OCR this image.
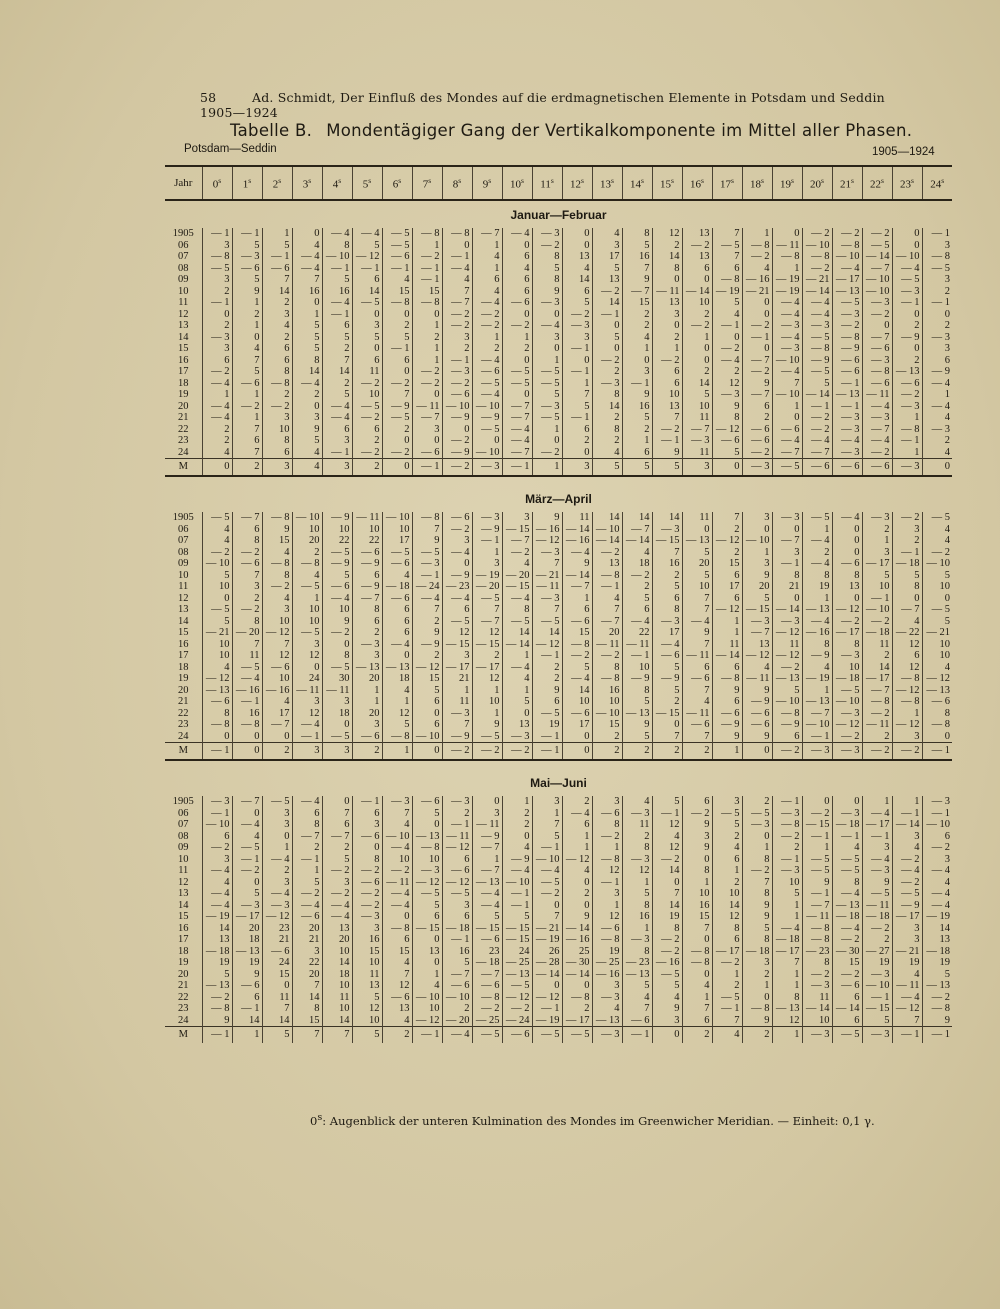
58	Ad. Schmidt, Der Einfluß des Mondes auf die erdmagnetischen Elemente in Potsdam und Seddin 1905—1924
Tabelle B. Mondentägiger Gang der Vertikalkomponente im Mittel aller Phasen.
Potsdam—Seddin	1905—1924
Jahr	0$^s$	1$^s$	2$^s$	3$^s$	4$^s$	5$^s$	6$^s$	7$^s$	8$^s$	9$^s$	10$^s$	11$^s$	12$^s$	13$^s$	14$^s$	15$^s$	16$^s$	17$^s$	18$^s$	19$^s$	20$^s$	21$^s$	22$^s$	23$^s$	24$^s$
Januar—Februar																									
1905	— 1	— 1	1	0	— 4	— 4	— 5	— 8	— 8	— 7	— 4	— 3	0	4	8	12	13	7	1	0	— 2	— 2	— 2	0	— 1
06	3	5	5	4	8	5	— 5	1	0	1	0	— 2	0	3	5	2	— 2	— 5	— 8	— 11	— 10	— 8	— 5	0	3
07	— 8	— 3	— 1	— 4	— 10	— 12	— 6	— 2	— 1	4	6	8	13	17	16	14	13	7	— 2	— 8	— 8	— 10	— 14	— 10	— 8
08	— 5	— 6	— 6	— 4	— 1	— 1	— 1	— 1	— 4	1	4	5	4	5	7	8	6	6	4	1	— 2	— 4	— 7	— 4	— 5
09	3	5	7	7	5	6	4	— 1	4	6	6	8	14	13	9	0	0	— 8	— 16	— 19	— 21	— 17	— 10	— 5	3
10	2	9	14	16	16	14	15	15	7	4	6	9	6	— 2	— 7	— 11	— 14	— 19	— 21	— 19	— 14	— 13	— 10	— 3	2
11	— 1	1	2	0	— 4	— 5	— 8	— 8	— 7	— 4	— 6	— 3	5	14	15	13	10	5	0	— 4	— 4	— 5	— 3	— 1	— 1
12	0	2	3	1	— 1	0	0	0	— 2	— 2	0	0	— 2	— 1	2	3	2	4	0	— 4	— 4	— 3	— 2	0	0
13	2	1	4	5	6	3	2	1	— 2	— 2	— 2	— 4	— 3	0	2	0	— 2	— 1	— 2	— 3	— 3	— 2	0	2	2
14	— 3	0	2	5	5	5	5	2	3	1	1	3	3	5	4	2	1	0	— 1	— 4	— 5	— 8	— 7	— 9	— 3
15	3	4	6	5	2	0	— 1	1	2	2	2	0	— 1	0	1	1	0	— 2	0	— 3	— 8	— 9	— 6	0	3
16	6	7	6	8	7	6	6	1	— 1	— 4	0	1	0	— 2	0	— 2	0	— 4	— 7	— 10	— 9	— 6	— 3	2	6
17	— 2	5	8	14	14	11	0	— 2	— 3	— 6	— 5	— 5	— 1	2	3	6	2	2	— 2	— 4	— 5	— 6	— 8	— 13	— 9
18	— 4	— 6	— 8	— 4	2	— 2	— 2	— 2	— 2	— 5	— 5	— 5	1	— 3	— 1	6	14	12	9	7	5	— 1	— 6	— 6	— 4
19	1	1	2	2	5	10	7	0	— 6	— 4	0	5	7	8	9	10	5	— 3	— 7	— 10	— 14	— 13	— 11	— 2	1
20	— 4	— 2	— 2	0	— 4	— 5	— 9	— 11	— 10	— 10	— 7	— 3	5	14	16	13	10	9	6	1	— 1	— 1	— 4	— 3	— 4
21	— 4	1	3	3	— 4	— 2	— 5	— 7	— 9	— 9	— 7	— 5	— 1	2	5	7	11	8	2	0	— 2	— 3	— 3	1	4
22	2	7	10	9	6	6	2	3	0	— 5	— 4	1	6	8	2	— 2	— 7	— 12	— 6	— 6	— 2	— 3	— 7	— 8	— 3
23	2	6	8	5	3	2	0	0	— 2	0	— 4	0	2	2	1	— 1	— 3	— 6	— 6	— 4	— 4	— 4	— 4	— 1	2
24	4	7	6	4	— 1	— 2	— 2	— 6	— 9	— 10	— 7	— 2	0	4	6	9	11	5	— 2	— 7	— 7	— 3	— 2	1	4
M	0	2	3	4	3	2	0	— 1	— 2	— 3	— 1	1	3	5	5	5	3	0	— 3	— 5	— 6	— 6	— 6	— 3	0

März—April																									
1905	— 5	— 7	— 8	— 10	— 9	— 11	— 10	— 8	— 6	— 3	3	9	11	14	14	14	11	7	3	— 3	— 5	— 4	— 3	— 2	— 5
06	4	6	9	10	10	10	10	7	— 2	— 9	— 15	— 16	— 14	— 10	— 7	— 3	0	2	0	0	1	0	2	3	4
07	4	8	15	20	22	22	17	9	3	— 1	— 7	— 12	— 16	— 14	— 14	— 15	— 13	— 12	— 10	— 7	— 4	0	1	2	4
08	— 2	— 2	4	2	— 5	— 6	— 5	— 5	— 4	1	— 2	— 3	— 4	— 2	4	7	5	2	1	3	2	0	3	— 1	— 2
09	— 10	— 6	— 8	— 8	— 9	— 9	— 6	— 3	0	3	4	7	9	13	18	16	20	15	3	— 1	— 4	— 6	— 17	— 18	— 10
10	5	7	8	4	5	6	4	— 1	— 9	— 19	— 20	— 21	— 14	— 8	— 2	2	5	6	9	8	8	8	5	5	5
11	10	3	— 2	— 5	— 6	— 9	— 18	— 24	— 23	— 20	— 15	— 11	— 7	— 1	2	5	10	17	20	21	19	13	10	8	10
12	0	2	4	1	— 4	— 7	— 6	— 4	— 4	— 5	— 4	— 3	1	4	5	6	7	6	5	0	1	0	— 1	0	0
13	— 5	— 2	3	10	10	8	6	7	6	7	8	7	6	7	6	8	7	— 12	— 15	— 14	— 13	— 12	— 10	— 7	— 5
14	5	8	10	10	9	6	6	2	— 5	— 7	— 5	— 5	— 6	— 7	— 4	— 3	— 4	1	— 3	— 3	— 4	— 2	— 2	4	5
15	— 21	— 20	— 12	— 5	— 2	2	6	9	12	12	14	14	15	20	22	17	9	1	— 7	— 12	— 16	— 17	— 18	— 22	— 21
16	10	7	7	3	0	— 3	— 4	— 9	— 15	— 15	— 14	— 12	— 8	— 11	— 11	— 4	7	11	13	11	8	8	11	12	10
17	10	11	12	12	8	3	0	2	3	2	1	— 1	— 2	— 2	— 1	— 6	— 11	— 14	— 12	— 12	— 9	— 3	2	6	10
18	4	— 5	— 6	0	— 5	— 13	— 13	— 12	— 17	— 17	— 4	2	5	8	10	5	6	6	4	— 2	4	10	14	12	4
19	— 12	— 4	10	24	30	20	18	15	21	12	4	2	— 4	— 8	— 9	— 9	— 6	— 8	— 11	— 13	— 19	— 18	— 17	— 8	— 12
20	— 13	— 16	— 16	— 11	— 11	1	4	5	1	1	1	9	14	16	8	5	7	9	9	5	1	— 5	— 7	— 12	— 13
21	— 6	— 1	4	3	3	1	1	6	11	10	5	6	10	10	5	2	4	6	— 9	— 10	— 13	— 10	— 8	— 8	— 6
22	8	16	17	12	18	20	12	0	— 3	1	0	— 5	— 6	— 10	— 13	— 15	— 11	— 6	— 6	— 8	— 7	— 3	— 2	1	8
23	— 8	— 8	— 7	— 4	0	3	5	6	7	9	13	19	17	15	9	0	— 6	— 9	— 6	— 9	— 10	— 12	— 11	— 12	— 8
24	0	0	0	— 1	— 5	— 6	— 8	— 10	— 9	— 5	— 3	— 1	0	2	5	7	7	9	9	6	— 1	— 2	2	3	0
M	— 1	0	2	3	3	2	1	0	— 2	— 2	— 2	— 1	0	2	2	2	2	1	0	— 2	— 3	— 3	— 2	— 2	— 1

Mai—Juni																									
1905	— 3	— 7	— 5	— 4	0	— 1	— 3	— 6	— 3	0	1	3	2	3	4	5	6	3	2	— 1	0	0	1	1	— 3
06	— 1	0	3	6	7	6	7	5	2	3	2	1	— 4	— 6	— 3	— 1	— 2	— 5	— 5	— 3	— 2	— 3	— 4	— 1	— 1
07	— 10	— 4	3	8	6	3	4	0	— 1	— 11	2	7	6	8	11	12	9	5	— 3	— 8	— 15	— 18	— 17	— 14	— 10
08	6	4	0	— 7	— 7	— 6	— 10	— 13	— 11	— 9	0	5	1	— 2	2	4	3	2	0	— 2	— 1	— 1	— 1	3	6
09	— 2	— 5	1	2	2	0	— 4	— 8	— 12	— 7	4	— 1	1	1	8	12	9	4	1	2	1	4	3	4	— 2
10	3	— 1	— 4	— 1	5	8	10	10	6	1	— 9	— 10	— 12	— 8	— 3	— 2	0	6	8	— 1	— 5	— 5	— 4	— 2	3
11	— 4	— 2	2	1	— 2	— 2	— 2	— 3	— 6	— 7	— 4	— 4	4	12	12	14	8	1	— 2	— 3	— 5	— 5	— 3	— 4	— 4
12	4	0	3	5	3	— 6	— 11	— 12	— 12	— 13	— 10	— 5	0	— 1	1	0	1	2	7	10	9	8	9	— 2	4
13	— 4	5	— 4	— 2	— 2	— 2	— 4	— 5	— 5	— 4	— 1	— 2	2	3	5	7	10	10	8	5	— 1	— 4	— 5	— 5	— 4
14	— 4	— 3	— 3	— 4	— 4	— 2	— 4	5	3	— 4	— 1	0	0	1	8	14	16	14	9	1	— 7	— 13	— 11	— 9	— 4
15	— 19	— 17	— 12	— 6	— 4	— 3	0	6	6	5	5	7	9	12	16	19	15	12	9	1	— 11	— 18	— 18	— 17	— 19
16	14	20	23	20	13	3	— 8	— 15	— 18	— 15	— 15	— 21	— 14	— 6	1	8	7	8	5	— 4	— 8	— 4	— 2	3	14
17	13	18	21	21	20	16	6	0	— 1	— 6	— 15	— 19	— 16	— 8	— 3	— 2	0	6	8	— 18	— 8	— 2	2	3	13
18	— 18	— 13	— 6	3	10	15	15	13	16	23	24	26	25	19	8	— 2	— 8	— 17	— 18	— 17	— 23	— 30	— 27	— 21	— 18
19	19	19	24	22	14	10	4	0	5	— 18	— 25	— 28	— 30	— 25	— 23	— 16	— 8	— 2	3	7	8	15	19	19	19
20	5	9	15	20	18	11	7	1	— 7	— 7	— 13	— 14	— 14	— 16	— 13	— 5	0	1	2	1	— 2	— 2	— 3	4	5
21	— 13	— 6	0	7	10	13	12	4	— 6	— 6	— 5	0	0	3	5	5	4	2	1	1	— 3	— 6	— 10	— 11	— 13
22	— 2	6	11	14	11	5	— 6	— 10	— 10	— 8	— 12	— 12	— 8	— 3	4	4	1	— 5	0	8	11	6	— 1	— 4	— 2
23	— 8	— 1	7	8	10	12	13	10	2	— 2	— 2	— 1	2	4	7	9	7	— 1	— 8	— 13	— 14	— 14	— 15	— 12	— 8
24	9	14	14	15	14	10	4	— 12	— 20	— 25	— 24	— 19	— 17	— 13	— 6	3	6	7	9	12	10	6	5	7	9
M	— 1	1	5	7	7	5	2	— 1	— 4	— 5	— 6	— 5	— 5	— 3	— 1	0	2	4	2	1	— 3	— 5	— 3	— 1	— 1
0$^s$: Augenblick der unteren Kulmination des Mondes im Greenwicher Meridian. — Einheit: 0,1 γ.
